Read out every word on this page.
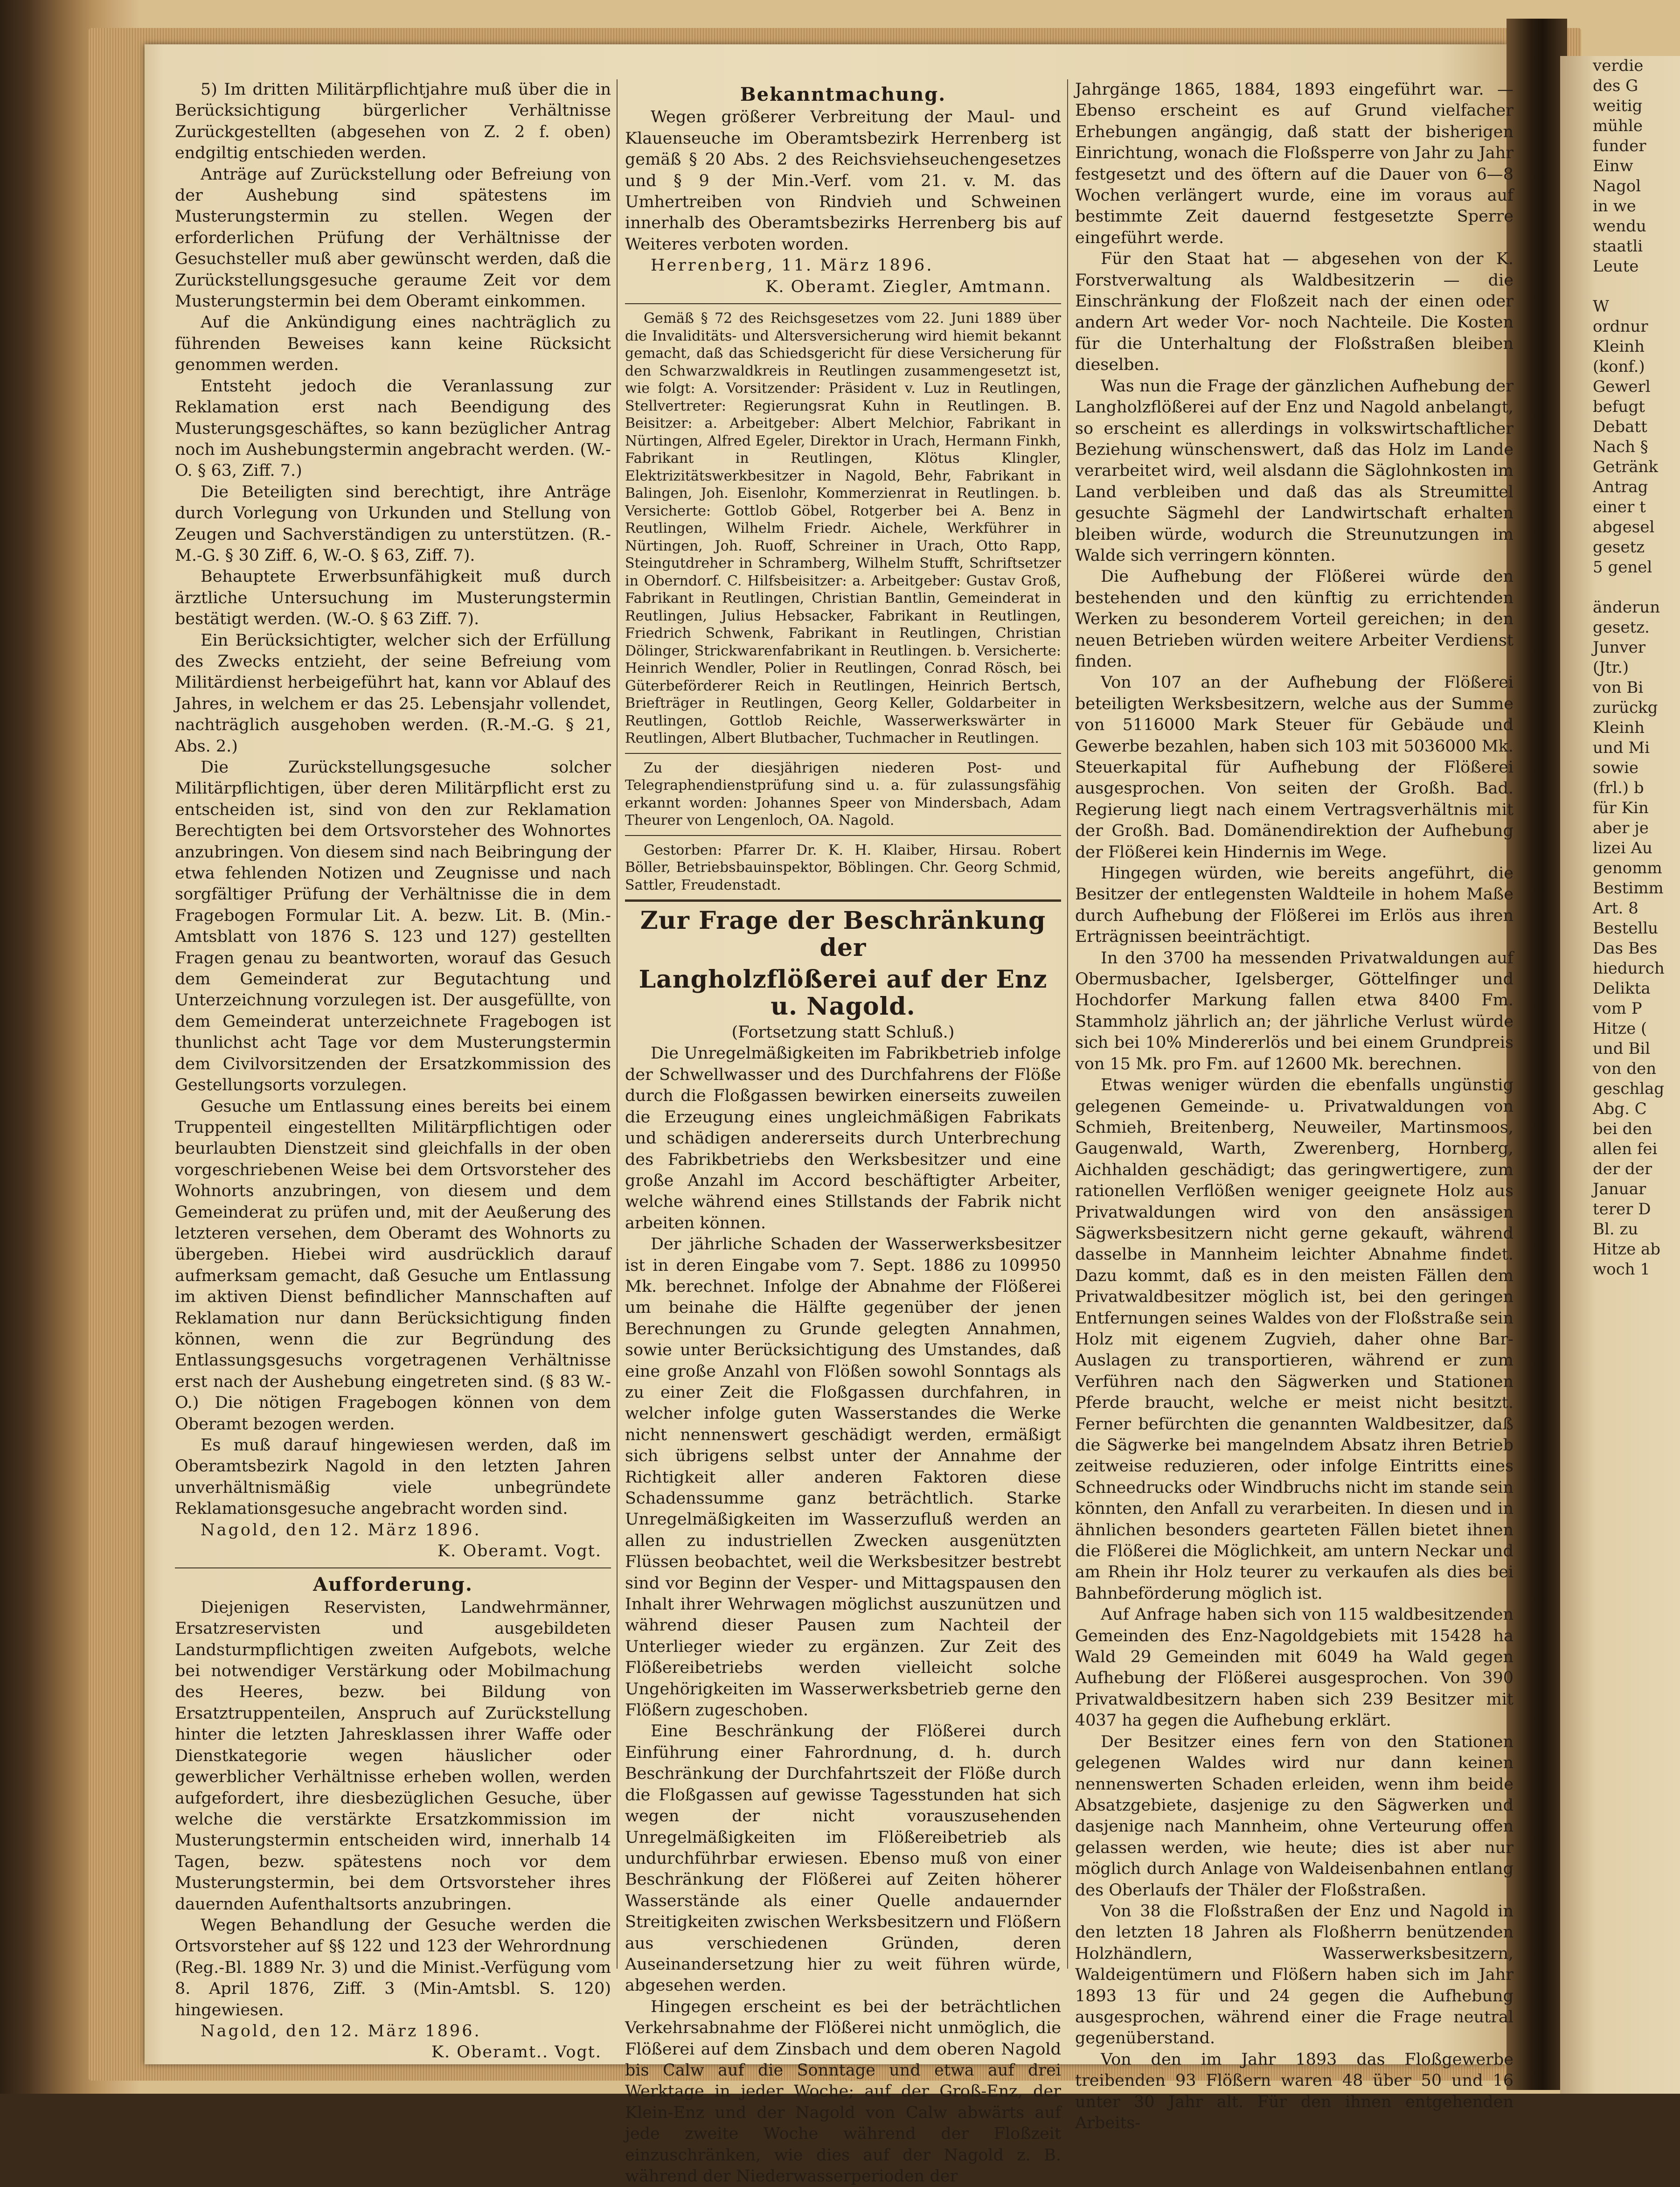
verdie
des G
weitig
mühle
funder
Einw
Nagol
in we
wendu
staatli
Leute

W
ordnur
Kleinh
(konf.)
Gewerl
befugt
Debatt
Nach §
Getränk
Antrag
einer t
abgesel
gesetz
5 genel

änderun
gesetz.
Junver
(Jtr.)
von Bi
zurückg
Kleinh
und Mi
sowie
(frl.) b
für Kin
aber je
lizei Au
genomm
Bestimm
Art. 8
Bestellu
Das Bes
hiedurch
Delikta
vom P
Hitze (
und Bil
von den
geschlag
Abg. C
bei den
allen fei
der der
Januar
terer D
Bl. zu
Hitze ab
woch 1

5) Im dritten Militärpflichtjahre muß über die in Berücksichtigung bürgerlicher Verhältnisse Zurückgestellten (abgesehen von Z. 2 f. oben) endgiltig entschieden werden.

Anträge auf Zurückstellung oder Befreiung von der Aushebung sind spätestens im Musterungstermin zu stellen. Wegen der erforderlichen Prüfung der Verhältnisse der Gesuchsteller muß aber gewünscht werden, daß die Zurückstellungsgesuche geraume Zeit vor dem Musterungstermin bei dem Oberamt einkommen.

Auf die Ankündigung eines nachträglich zu führenden Beweises kann keine Rücksicht genommen werden.

Entsteht jedoch die Veranlassung zur Reklamation erst nach Beendigung des Musterungsgeschäftes, so kann bezüglicher Antrag noch im Aushebungstermin angebracht werden. (W.-O. § 63, Ziff. 7.)

Die Beteiligten sind berechtigt, ihre Anträge durch Vorlegung von Urkunden und Stellung von Zeugen und Sachverständigen zu unterstützen. (R.-M.-G. § 30 Ziff. 6, W.-O. § 63, Ziff. 7).

Behauptete Erwerbsunfähigkeit muß durch ärztliche Untersuchung im Musterungstermin bestätigt werden. (W.-O. § 63 Ziff. 7).

Ein Berücksichtigter, welcher sich der Erfüllung des Zwecks entzieht, der seine Befreiung vom Militärdienst herbeigeführt hat, kann vor Ablauf des Jahres, in welchem er das 25. Lebensjahr vollendet, nachträglich ausgehoben werden. (R.-M.-G. § 21, Abs. 2.)

Die Zurückstellungsgesuche solcher Militärpflichtigen, über deren Militärpflicht erst zu entscheiden ist, sind von den zur Reklamation Berechtigten bei dem Ortsvorsteher des Wohnortes anzubringen. Von diesem sind nach Beibringung der etwa fehlenden Notizen und Zeugnisse und nach sorgfältiger Prüfung der Verhältnisse die in dem Fragebogen Formular Lit. A. bezw. Lit. B. (Min.-Amtsblatt von 1876 S. 123 und 127) gestellten Fragen genau zu beantworten, worauf das Gesuch dem Gemeinderat zur Begutachtung und Unterzeichnung vorzulegen ist. Der ausgefüllte, von dem Gemeinderat unterzeichnete Fragebogen ist thunlichst acht Tage vor dem Musterungstermin dem Civilvorsitzenden der Ersatzkommission des Gestellungsorts vorzulegen.

Gesuche um Entlassung eines bereits bei einem Truppenteil eingestellten Militärpflichtigen oder beurlaubten Dienstzeit sind gleichfalls in der oben vorgeschriebenen Weise bei dem Ortsvorsteher des Wohnorts anzubringen, von diesem und dem Gemeinderat zu prüfen und, mit der Aeußerung des letzteren versehen, dem Oberamt des Wohnorts zu übergeben. Hiebei wird ausdrücklich darauf aufmerksam gemacht, daß Gesuche um Entlassung im aktiven Dienst befindlicher Mannschaften auf Reklamation nur dann Berücksichtigung finden können, wenn die zur Begründung des Entlassungsgesuchs vorgetragenen Verhältnisse erst nach der Aushebung eingetreten sind. (§ 83 W.-O.) Die nötigen Fragebogen können von dem Oberamt bezogen werden.

Es muß darauf hingewiesen werden, daß im Oberamtsbezirk Nagold in den letzten Jahren unverhältnismäßig viele unbegründete Reklamationsgesuche angebracht worden sind.

Nagold, den 12. März 1896.

K. Oberamt. Vogt.
Aufforderung.

Diejenigen Reservisten, Landwehrmänner, Ersatzreservisten und ausgebildeten Landsturmpflichtigen zweiten Aufgebots, welche bei notwendiger Verstärkung oder Mobilmachung des Heeres, bezw. bei Bildung von Ersatztruppenteilen, Anspruch auf Zurückstellung hinter die letzten Jahresklassen ihrer Waffe oder Dienstkategorie wegen häuslicher oder gewerblicher Verhältnisse erheben wollen, werden aufgefordert, ihre diesbezüglichen Gesuche, über welche die verstärkte Ersatzkommission im Musterungstermin entscheiden wird, innerhalb 14 Tagen, bezw. spätestens noch vor dem Musterungstermin, bei dem Ortsvorsteher ihres dauernden Aufenthaltsorts anzubringen.

Wegen Behandlung der Gesuche werden die Ortsvorsteher auf §§ 122 und 123 der Wehrordnung (Reg.-Bl. 1889 Nr. 3) und die Minist.-Verfügung vom 8. April 1876, Ziff. 3 (Min-Amtsbl. S. 120) hingewiesen.

Nagold, den 12. März 1896.

K. Oberamt.. Vogt.
Bekanntmachung.

Wegen größerer Verbreitung der Maul- und Klauenseuche im Oberamtsbezirk Herrenberg ist gemäß § 20 Abs. 2 des Reichsviehseuchengesetzes und § 9 der Min.-Verf. vom 21. v. M. das Umhertreiben von Rindvieh und Schweinen innerhalb des Oberamtsbezirks Herrenberg bis auf Weiteres verboten worden.

Herrenberg, 11. März 1896.

K. Oberamt. Ziegler, Amtmann.

Gemäß § 72 des Reichsgesetzes vom 22. Juni 1889 über die Invaliditäts- und Altersversicherung wird hiemit bekannt gemacht, daß das Schiedsgericht für diese Versicherung für den Schwarzwaldkreis in Reutlingen zusammengesetzt ist, wie folgt: A. Vorsitzender: Präsident v. Luz in Reutlingen, Stellvertreter: Regierungsrat Kuhn in Reutlingen. B. Beisitzer: a. Arbeitgeber: Albert Melchior, Fabrikant in Nürtingen, Alfred Egeler, Direktor in Urach, Hermann Finkh, Fabrikant in Reutlingen, Klötus Klingler, Elektrizitätswerkbesitzer in Nagold, Behr, Fabrikant in Balingen, Joh. Eisenlohr, Kommerzienrat in Reutlingen. b. Versicherte: Gottlob Göbel, Rotgerber bei A. Benz in Reutlingen, Wilhelm Friedr. Aichele, Werkführer in Nürtingen, Joh. Ruoff, Schreiner in Urach, Otto Rapp, Steingutdreher in Schramberg, Wilhelm Stufft, Schriftsetzer in Oberndorf. C. Hilfsbeisitzer: a. Arbeitgeber: Gustav Groß, Fabrikant in Reutlingen, Christian Bantlin, Gemeinderat in Reutlingen, Julius Hebsacker, Fabrikant in Reutlingen, Friedrich Schwenk, Fabrikant in Reutlingen, Christian Dölinger, Strickwarenfabrikant in Reutlingen. b. Versicherte: Heinrich Wendler, Polier in Reutlingen, Conrad Rösch, bei Güterbeförderer Reich in Reutlingen, Heinrich Bertsch, Briefträger in Reutlingen, Georg Keller, Goldarbeiter in Reutlingen, Gottlob Reichle, Wasserwerkswärter in Reutlingen, Albert Blutbacher, Tuchmacher in Reutlingen.

Zu der diesjährigen niederen Post- und Telegraphendienstprüfung sind u. a. für zulassungsfähig erkannt worden: Johannes Speer von Mindersbach, Adam Theurer von Lengenloch, OA. Nagold.

Gestorben: Pfarrer Dr. K. H. Klaiber, Hirsau. Robert Böller, Betriebsbauinspektor, Böblingen. Chr. Georg Schmid, Sattler, Freudenstadt.

Zur Frage der Beschränkung der
Langholzflößerei auf der Enz u. Nagold.
(Fortsetzung statt Schluß.)

Die Unregelmäßigkeiten im Fabrikbetrieb infolge der Schwellwasser und des Durchfahrens der Flöße durch die Floßgassen bewirken einerseits zuweilen die Erzeugung eines ungleichmäßigen Fabrikats und schädigen andererseits durch Unterbrechung des Fabrikbetriebs den Werksbesitzer und eine große Anzahl im Accord beschäftigter Arbeiter, welche während eines Stillstands der Fabrik nicht arbeiten können.

Der jährliche Schaden der Wasserwerksbesitzer ist in deren Eingabe vom 7. Sept. 1886 zu 109950 Mk. berechnet. Infolge der Abnahme der Flößerei um beinahe die Hälfte gegenüber der jenen Berechnungen zu Grunde gelegten Annahmen, sowie unter Berücksichtigung des Umstandes, daß eine große Anzahl von Flößen sowohl Sonntags als zu einer Zeit die Floßgassen durchfahren, in welcher infolge guten Wasserstandes die Werke nicht nennenswert geschädigt werden, ermäßigt sich übrigens selbst unter der Annahme der Richtigkeit aller anderen Faktoren diese Schadenssumme ganz beträchtlich. Starke Unregelmäßigkeiten im Wasserzufluß werden an allen zu industriellen Zwecken ausgenützten Flüssen beobachtet, weil die Werksbesitzer bestrebt sind vor Beginn der Vesper- und Mittagspausen den Inhalt ihrer Wehrwagen möglichst auszunützen und während dieser Pausen zum Nachteil der Unterlieger wieder zu ergänzen. Zur Zeit des Flößereibetriebs werden vielleicht solche Ungehörigkeiten im Wasserwerksbetrieb gerne den Flößern zugeschoben.

Eine Beschränkung der Flößerei durch Einführung einer Fahrordnung, d. h. durch Beschränkung der Durchfahrtszeit der Flöße durch die Floßgassen auf gewisse Tagesstunden hat sich wegen der nicht vorauszusehenden Unregelmäßigkeiten im Flößereibetrieb als undurchführbar erwiesen. Ebenso muß von einer Beschränkung der Flößerei auf Zeiten höherer Wasserstände als einer Quelle andauernder Streitigkeiten zwischen Werksbesitzern und Flößern aus verschiedenen Gründen, deren Auseinandersetzung hier zu weit führen würde, abgesehen werden.

Hingegen erscheint es bei der beträchtlichen Verkehrsabnahme der Flößerei nicht unmöglich, die Flößerei auf dem Zinsbach und dem oberen Nagold bis Calw auf die Sonntage und etwa auf drei Werktage in jeder Woche; auf der Groß-Enz, der Klein-Enz und der Nagold von Calw abwärts auf jede zweite Woche während der Floßzeit einzuschränken, wie dies auf der Nagold z. B. während der Niederwasserperioden der

Jahrgänge 1865, 1884, 1893 eingeführt war. — Ebenso erscheint es auf Grund vielfacher Erhebungen angängig, daß statt der bisherigen Einrichtung, wonach die Floßsperre von Jahr zu Jahr festgesetzt und des öftern auf die Dauer von 6—8 Wochen verlängert wurde, eine im voraus auf bestimmte Zeit dauernd festgesetzte Sperre eingeführt werde.

Für den Staat hat — abgesehen von der K. Forstverwaltung als Waldbesitzerin — die Einschränkung der Floßzeit nach der einen oder andern Art weder Vor- noch Nachteile. Die Kosten für die Unterhaltung der Floßstraßen bleiben dieselben.

Was nun die Frage der gänzlichen Aufhebung der Langholzflößerei auf der Enz und Nagold anbelangt, so erscheint es allerdings in volkswirtschaftlicher Beziehung wünschenswert, daß das Holz im Lande verarbeitet wird, weil alsdann die Säglohnkosten im Land verbleiben und daß das als Streumittel gesuchte Sägmehl der Landwirtschaft erhalten bleiben würde, wodurch die Streunutzungen im Walde sich verringern könnten.

Die Aufhebung der Flößerei würde den bestehenden und den künftig zu errichtenden Werken zu besonderem Vorteil gereichen; in den neuen Betrieben würden weitere Arbeiter Verdienst finden.

Von 107 an der Aufhebung der Flößerei beteiligten Werksbesitzern, welche aus der Summe von 5116000 Mark Steuer für Gebäude und Gewerbe bezahlen, haben sich 103 mit 5036000 Mk. Steuerkapital für Aufhebung der Flößerei ausgesprochen. Von seiten der Großh. Bad. Regierung liegt nach einem Vertragsverhältnis mit der Großh. Bad. Domänendirektion der Aufhebung der Flößerei kein Hindernis im Wege.

Hingegen würden, wie bereits angeführt, die Besitzer der entlegensten Waldteile in hohem Maße durch Aufhebung der Flößerei im Erlös aus ihren Erträgnissen beeinträchtigt.

In den 3700 ha messenden Privatwaldungen auf Obermusbacher, Igelsberger, Göttelfinger und Hochdorfer Markung fallen etwa 8400 Fm. Stammholz jährlich an; der jährliche Verlust würde sich bei 10% Mindererlös und bei einem Grundpreis von 15 Mk. pro Fm. auf 12600 Mk. berechnen.

Etwas weniger würden die ebenfalls ungünstig gelegenen Gemeinde- u. Privatwaldungen von Schmieh, Breitenberg, Neuweiler, Martinsmoos, Gaugenwald, Warth, Zwerenberg, Hornberg, Aichhalden geschädigt; das geringwertigere, zum rationellen Verflößen weniger geeignete Holz aus Privatwaldungen wird von den ansässigen Sägwerksbesitzern nicht gerne gekauft, während dasselbe in Mannheim leichter Abnahme findet. Dazu kommt, daß es in den meisten Fällen dem Privatwaldbesitzer möglich ist, bei den geringen Entfernungen seines Waldes von der Floßstraße sein Holz mit eigenem Zugvieh, daher ohne Bar-Auslagen zu transportieren, während er zum Verführen nach den Sägwerken und Stationen Pferde braucht, welche er meist nicht besitzt. Ferner befürchten die genannten Waldbesitzer, daß die Sägwerke bei mangelndem Absatz ihren Betrieb zeitweise reduzieren, oder infolge Eintritts eines Schneedrucks oder Windbruchs nicht im stande sein könnten, den Anfall zu verarbeiten. In diesen und in ähnlichen besonders gearteten Fällen bietet ihnen die Flößerei die Möglichkeit, am untern Neckar und am Rhein ihr Holz teurer zu verkaufen als dies bei Bahnbeförderung möglich ist.

Auf Anfrage haben sich von 115 waldbesitzenden Gemeinden des Enz-Nagoldgebiets mit 15428 ha Wald 29 Gemeinden mit 6049 ha Wald gegen Aufhebung der Flößerei ausgesprochen. Von 390 Privatwaldbesitzern haben sich 239 Besitzer mit 4037 ha gegen die Aufhebung erklärt.

Der Besitzer eines fern von den Stationen gelegenen Waldes wird nur dann keinen nennenswerten Schaden erleiden, wenn ihm beide Absatzgebiete, dasjenige zu den Sägwerken und dasjenige nach Mannheim, ohne Verteurung offen gelassen werden, wie heute; dies ist aber nur möglich durch Anlage von Waldeisenbahnen entlang des Oberlaufs der Thäler der Floßstraßen.

Von 38 die Floßstraßen der Enz und Nagold in den letzten 18 Jahren als Floßherrn benützenden Holzhändlern, Wasserwerksbesitzern, Waldeigentümern und Flößern haben sich im Jahr 1893 13 für und 24 gegen die Aufhebung ausgesprochen, während einer die Frage neutral gegenüberstand.

Von den im Jahr 1893 das Floßgewerbe treibenden 93 Flößern waren 48 über 50 und 16 unter 30 Jahr alt. Für den ihnen entgehenden Arbeits-
